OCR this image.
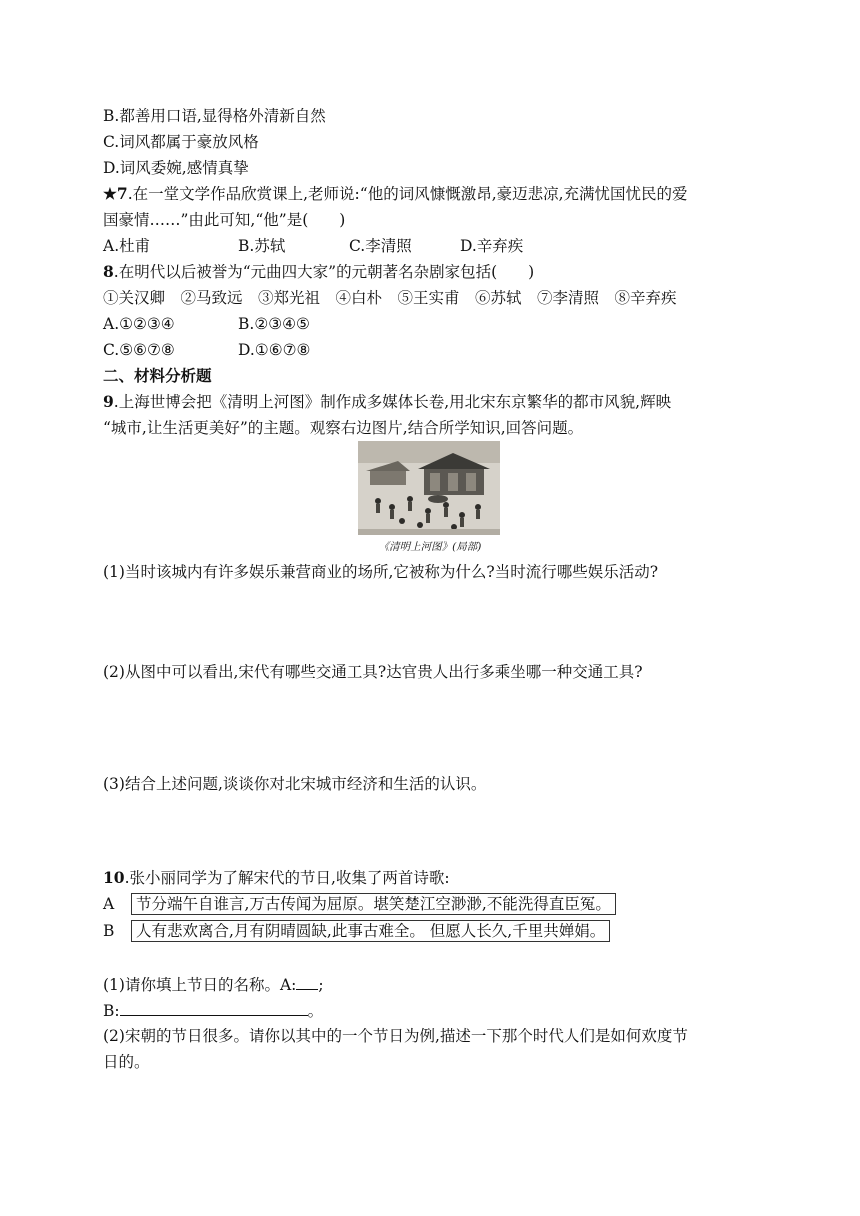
B.都善用口语,显得格外清新自然
C.词风都属于豪放风格
D.词风委婉,感情真挚
★7.在一堂文学作品欣赏课上,老师说:“他的词风慷慨激昂,豪迈悲凉,充满忧国忧民的爱
国豪情……”由此可知,“他”是(　　)
A.杜甫	B.苏轼	C.李清照	D.辛弃疾
8.在明代以后被誉为“元曲四大家”的元朝著名杂剧家包括(　　)
①关汉卿　②马致远　③郑光祖　④白朴　⑤王实甫　⑥苏轼　⑦李清照　⑧辛弃疾
A.①②③④	B.②③④⑤
C.⑤⑥⑦⑧	D.①⑥⑦⑧
二、材料分析题
9.上海世博会把《清明上河图》制作成多媒体长卷,用北宋东京繁华的都市风貌,辉映
“城市,让生活更美好”的主题。观察右边图片,结合所学知识,回答问题。
《清明上河图》(局部)
(1)当时该城内有许多娱乐兼营商业的场所,它被称为什么?当时流行哪些娱乐活动?
(2)从图中可以看出,宋代有哪些交通工具?达官贵人出行多乘坐哪一种交通工具?
(3)结合上述问题,谈谈你对北宋城市经济和生活的认识。
10.张小丽同学为了解宋代的节日,收集了两首诗歌:
A 节分端午自谁言,万古传闻为屈原。堪笑楚江空渺渺,不能洗得直臣冤。
B 人有悲欢离合,月有阴晴圆缺,此事古难全。 但愿人长久,千里共婵娟。
(1)请你填上节日的名称。A: ;
B:	。
(2)宋朝的节日很多。请你以其中的一个节日为例,描述一下那个时代人们是如何欢度节
日的。
